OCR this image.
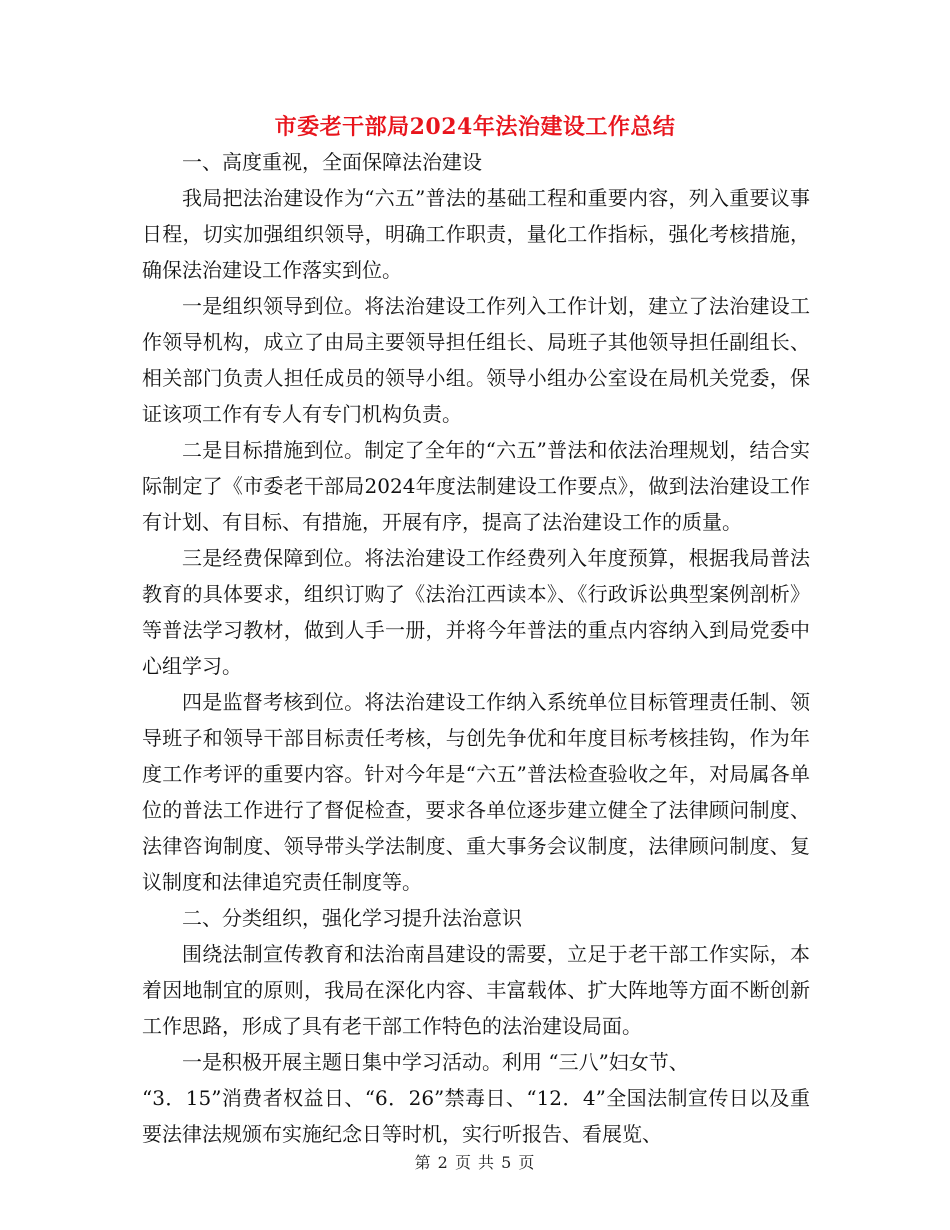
市委老干部局2024年法治建设工作总结

一、高度重视，全面保障法治建设

我局把法治建设作为“六五”普法的基础工程和重要内容，列入重要议事日程，切实加强组织领导，明确工作职责，量化工作指标，强化考核措施，确保法治建设工作落实到位。

一是组织领导到位。将法治建设工作列入工作计划，建立了法治建设工作领导机构，成立了由局主要领导担任组长、局班子其他领导担任副组长、相关部门负责人担任成员的领导小组。领导小组办公室设在局机关党委，保证该项工作有专人有专门机构负责。

二是目标措施到位。制定了全年的“六五”普法和依法治理规划，结合实际制定了《市委老干部局2024年度法制建设工作要点》，做到法治建设工作有计划、有目标、有措施，开展有序，提高了法治建设工作的质量。

三是经费保障到位。将法治建设工作经费列入年度预算，根据我局普法教育的具体要求，组织订购了《法治江西读本》、《行政诉讼典型案例剖析》等普法学习教材，做到人手一册，并将今年普法的重点内容纳入到局党委中心组学习。

四是监督考核到位。将法治建设工作纳入系统单位目标管理责任制、领导班子和领导干部目标责任考核，与创先争优和年度目标考核挂钩，作为年度工作考评的重要内容。针对今年是“六五”普法检查验收之年，对局属各单位的普法工作进行了督促检查，要求各单位逐步建立健全了法律顾问制度、法律咨询制度、领导带头学法制度、重大事务会议制度，法律顾问制度、复议制度和法律追究责任制度等。

二、分类组织，强化学习提升法治意识

围绕法制宣传教育和法治南昌建设的需要，立足于老干部工作实际，本着因地制宜的原则，我局在深化内容、丰富载体、扩大阵地等方面不断创新工作思路，形成了具有老干部工作特色的法治建设局面。

一是积极开展主题日集中学习活动。利用 “三八”妇女节、

“3．15”消费者权益日、“6．26”禁毒日、“12．4”全国法制宣传日以及重要法律法规颁布实施纪念日等时机，实行听报告、看展览、

第 2 页 共 5 页
